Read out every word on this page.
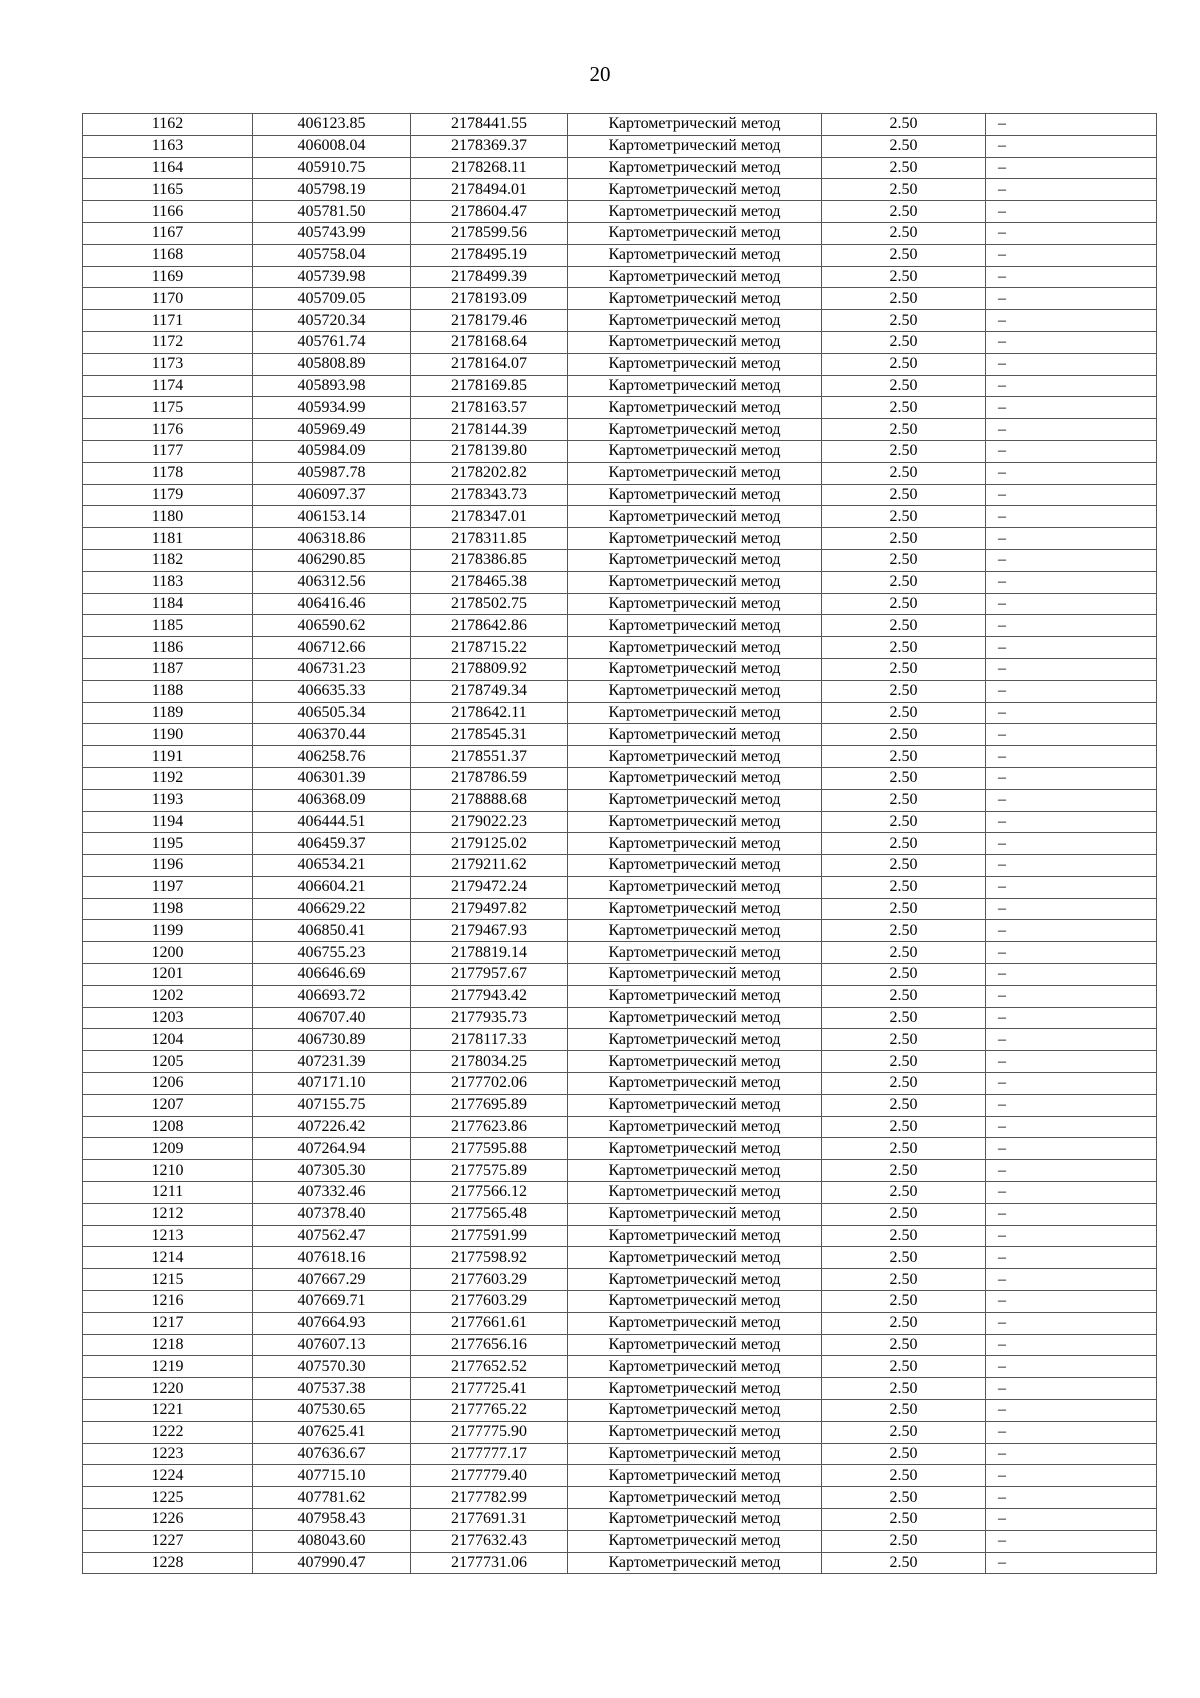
20
1162	406123.85	2178441.55	Картометрический метод	2.50	–
1163	406008.04	2178369.37	Картометрический метод	2.50	–
1164	405910.75	2178268.11	Картометрический метод	2.50	–
1165	405798.19	2178494.01	Картометрический метод	2.50	–
1166	405781.50	2178604.47	Картометрический метод	2.50	–
1167	405743.99	2178599.56	Картометрический метод	2.50	–
1168	405758.04	2178495.19	Картометрический метод	2.50	–
1169	405739.98	2178499.39	Картометрический метод	2.50	–
1170	405709.05	2178193.09	Картометрический метод	2.50	–
1171	405720.34	2178179.46	Картометрический метод	2.50	–
1172	405761.74	2178168.64	Картометрический метод	2.50	–
1173	405808.89	2178164.07	Картометрический метод	2.50	–
1174	405893.98	2178169.85	Картометрический метод	2.50	–
1175	405934.99	2178163.57	Картометрический метод	2.50	–
1176	405969.49	2178144.39	Картометрический метод	2.50	–
1177	405984.09	2178139.80	Картометрический метод	2.50	–
1178	405987.78	2178202.82	Картометрический метод	2.50	–
1179	406097.37	2178343.73	Картометрический метод	2.50	–
1180	406153.14	2178347.01	Картометрический метод	2.50	–
1181	406318.86	2178311.85	Картометрический метод	2.50	–
1182	406290.85	2178386.85	Картометрический метод	2.50	–
1183	406312.56	2178465.38	Картометрический метод	2.50	–
1184	406416.46	2178502.75	Картометрический метод	2.50	–
1185	406590.62	2178642.86	Картометрический метод	2.50	–
1186	406712.66	2178715.22	Картометрический метод	2.50	–
1187	406731.23	2178809.92	Картометрический метод	2.50	–
1188	406635.33	2178749.34	Картометрический метод	2.50	–
1189	406505.34	2178642.11	Картометрический метод	2.50	–
1190	406370.44	2178545.31	Картометрический метод	2.50	–
1191	406258.76	2178551.37	Картометрический метод	2.50	–
1192	406301.39	2178786.59	Картометрический метод	2.50	–
1193	406368.09	2178888.68	Картометрический метод	2.50	–
1194	406444.51	2179022.23	Картометрический метод	2.50	–
1195	406459.37	2179125.02	Картометрический метод	2.50	–
1196	406534.21	2179211.62	Картометрический метод	2.50	–
1197	406604.21	2179472.24	Картометрический метод	2.50	–
1198	406629.22	2179497.82	Картометрический метод	2.50	–
1199	406850.41	2179467.93	Картометрический метод	2.50	–
1200	406755.23	2178819.14	Картометрический метод	2.50	–
1201	406646.69	2177957.67	Картометрический метод	2.50	–
1202	406693.72	2177943.42	Картометрический метод	2.50	–
1203	406707.40	2177935.73	Картометрический метод	2.50	–
1204	406730.89	2178117.33	Картометрический метод	2.50	–
1205	407231.39	2178034.25	Картометрический метод	2.50	–
1206	407171.10	2177702.06	Картометрический метод	2.50	–
1207	407155.75	2177695.89	Картометрический метод	2.50	–
1208	407226.42	2177623.86	Картометрический метод	2.50	–
1209	407264.94	2177595.88	Картометрический метод	2.50	–
1210	407305.30	2177575.89	Картометрический метод	2.50	–
1211	407332.46	2177566.12	Картометрический метод	2.50	–
1212	407378.40	2177565.48	Картометрический метод	2.50	–
1213	407562.47	2177591.99	Картометрический метод	2.50	–
1214	407618.16	2177598.92	Картометрический метод	2.50	–
1215	407667.29	2177603.29	Картометрический метод	2.50	–
1216	407669.71	2177603.29	Картометрический метод	2.50	–
1217	407664.93	2177661.61	Картометрический метод	2.50	–
1218	407607.13	2177656.16	Картометрический метод	2.50	–
1219	407570.30	2177652.52	Картометрический метод	2.50	–
1220	407537.38	2177725.41	Картометрический метод	2.50	–
1221	407530.65	2177765.22	Картометрический метод	2.50	–
1222	407625.41	2177775.90	Картометрический метод	2.50	–
1223	407636.67	2177777.17	Картометрический метод	2.50	–
1224	407715.10	2177779.40	Картометрический метод	2.50	–
1225	407781.62	2177782.99	Картометрический метод	2.50	–
1226	407958.43	2177691.31	Картометрический метод	2.50	–
1227	408043.60	2177632.43	Картометрический метод	2.50	–
1228	407990.47	2177731.06	Картометрический метод	2.50	–
